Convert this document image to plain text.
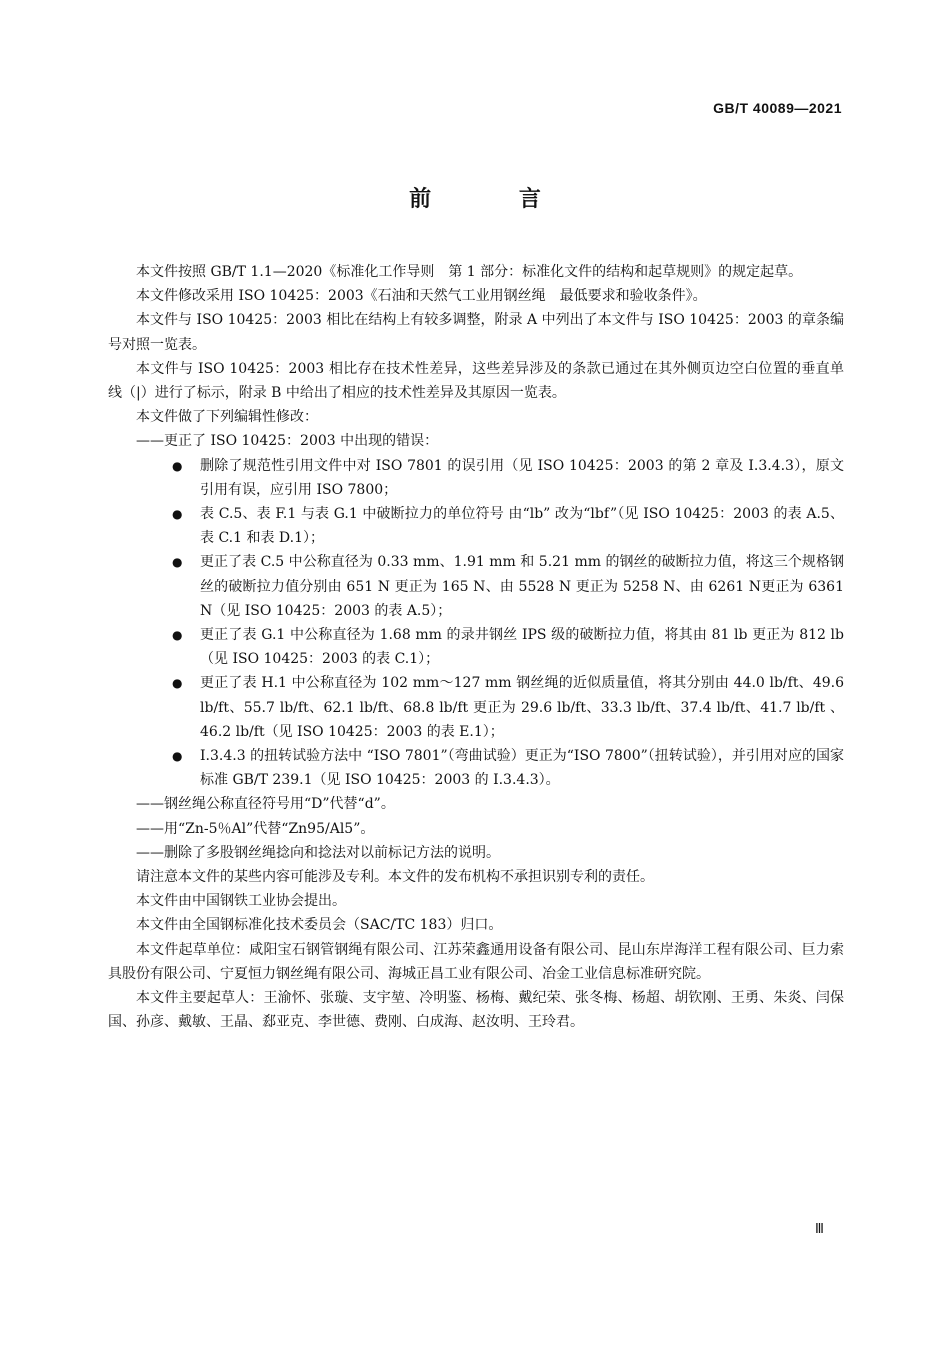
GB/T 40089—2021
前 言

本文件按照 GB/T 1.1—2020《标准化工作导则　第 1 部分：标准化文件的结构和起草规则》的规定起草。

本文件修改采用 ISO 10425：2003《石油和天然气工业用钢丝绳　最低要求和验收条件》。

本文件与 ISO 10425：2003 相比在结构上有较多调整，附录 A 中列出了本文件与 ISO 10425：2003 的章条编号对照一览表。

本文件与 ISO 10425：2003 相比存在技术性差异，这些差异涉及的条款已通过在其外侧页边空白位置的垂直单线（|）进行了标示，附录 B 中给出了相应的技术性差异及其原因一览表。

本文件做了下列编辑性修改：

——更正了 ISO 10425：2003 中出现的错误：

● 删除了规范性引用文件中对 ISO 7801 的误引用（见 ISO 10425：2003 的第 2 章及 I.3.4.3），原文引用有误，应引用 ISO 7800；

● 表 C.5、表 F.1 与表 G.1 中破断拉力的单位符号 由“lb” 改为“lbf”（见 ISO 10425：2003 的表 A.5、表 C.1 和表 D.1）；

● 更正了表 C.5 中公称直径为 0.33 mm、1.91 mm 和 5.21 mm 的钢丝的破断拉力值，将这三个规格钢丝的破断拉力值分别由 651 N 更正为 165 N、由 5528 N 更正为 5258 N、由 6261 N更正为 6361 N（见 ISO 10425：2003 的表 A.5）；

● 更正了表 G.1 中公称直径为 1.68 mm 的录井钢丝 IPS 级的破断拉力值，将其由 81 lb 更正为 812 lb（见 ISO 10425：2003 的表 C.1）；

● 更正了表 H.1 中公称直径为 102 mm～127 mm 钢丝绳的近似质量值，将其分别由 44.0 lb/ft、49.6 lb/ft、55.7 lb/ft、62.1 lb/ft、68.8 lb/ft 更正为 29.6 lb/ft、33.3 lb/ft、37.4 lb/ft、41.7 lb/ft 、46.2 lb/ft（见 ISO 10425：2003 的表 E.1）；

● I.3.4.3 的扭转试验方法中 “ISO 7801”（弯曲试验）更正为“ISO 7800”（扭转试验），并引用对应的国家标准 GB/T 239.1（见 ISO 10425：2003 的 I.3.4.3）。

——钢丝绳公称直径符号用“D”代替“d”。

——用“Zn-5％Al”代替“Zn95/Al5”。

——删除了多股钢丝绳捻向和捻法对以前标记方法的说明。

请注意本文件的某些内容可能涉及专利。本文件的发布机构不承担识别专利的责任。

本文件由中国钢铁工业协会提出。

本文件由全国钢标准化技术委员会（SAC/TC 183）归口。

本文件起草单位：咸阳宝石钢管钢绳有限公司、江苏荣鑫通用设备有限公司、昆山东岸海洋工程有限公司、巨力索具股份有限公司、宁夏恒力钢丝绳有限公司、海城正昌工业有限公司、冶金工业信息标准研究院。

本文件主要起草人：王渝怀、张璇、支宇堃、冷明鉴、杨梅、戴纪荣、张冬梅、杨超、胡钦刚、王勇、朱炎、闫保国、孙彦、戴敏、王晶、郄亚克、李世德、费刚、白成海、赵汝明、王玲君。

Ⅲ
